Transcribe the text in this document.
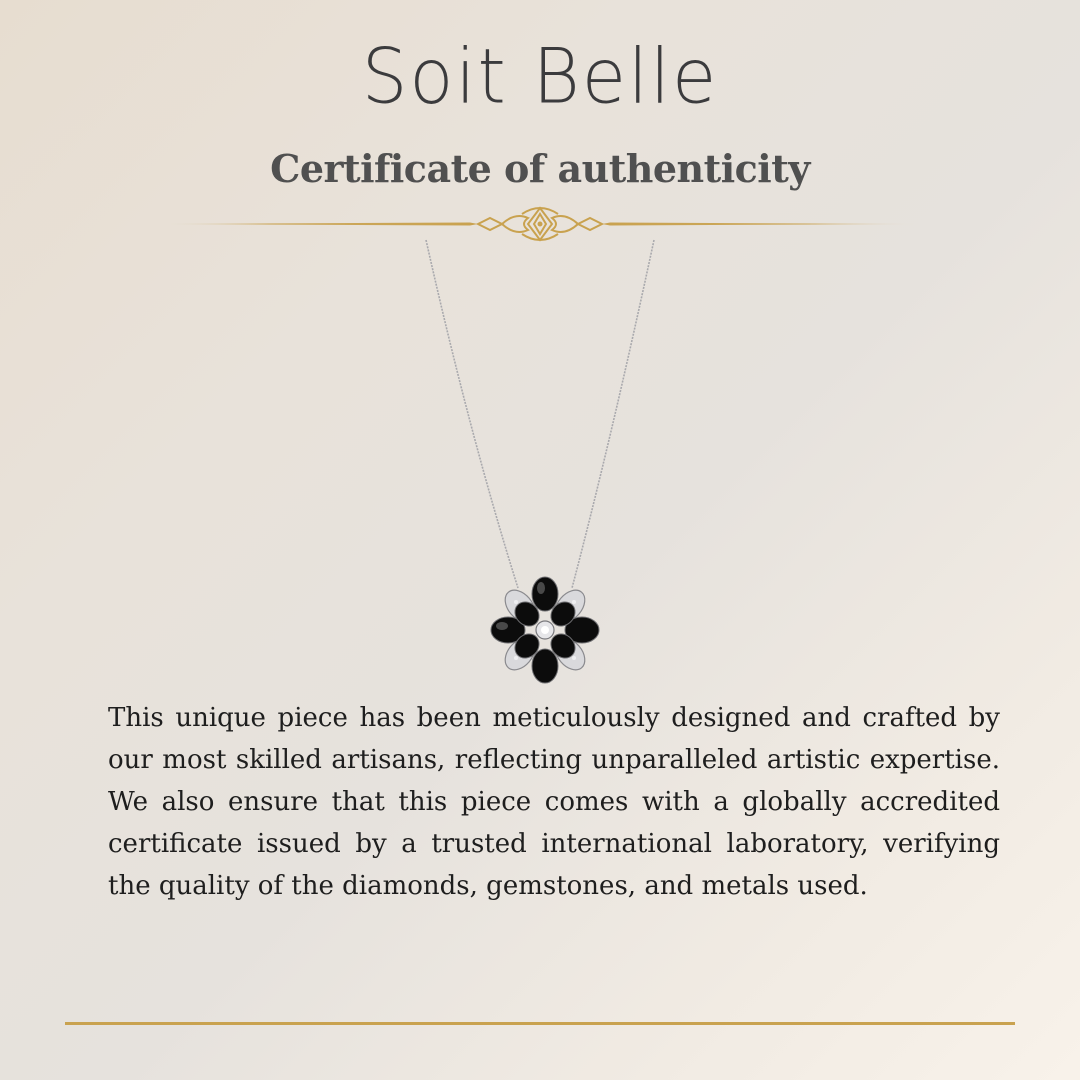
Soit Belle
Certificate of authenticity

This unique piece has been meticulously designed and crafted by our most skilled artisans, reflecting unparalleled artistic expertise. We also ensure that this piece comes with a globally accredited certificate issued by a trusted international laboratory, verifying the quality of the diamonds, gemstones, and metals used.
